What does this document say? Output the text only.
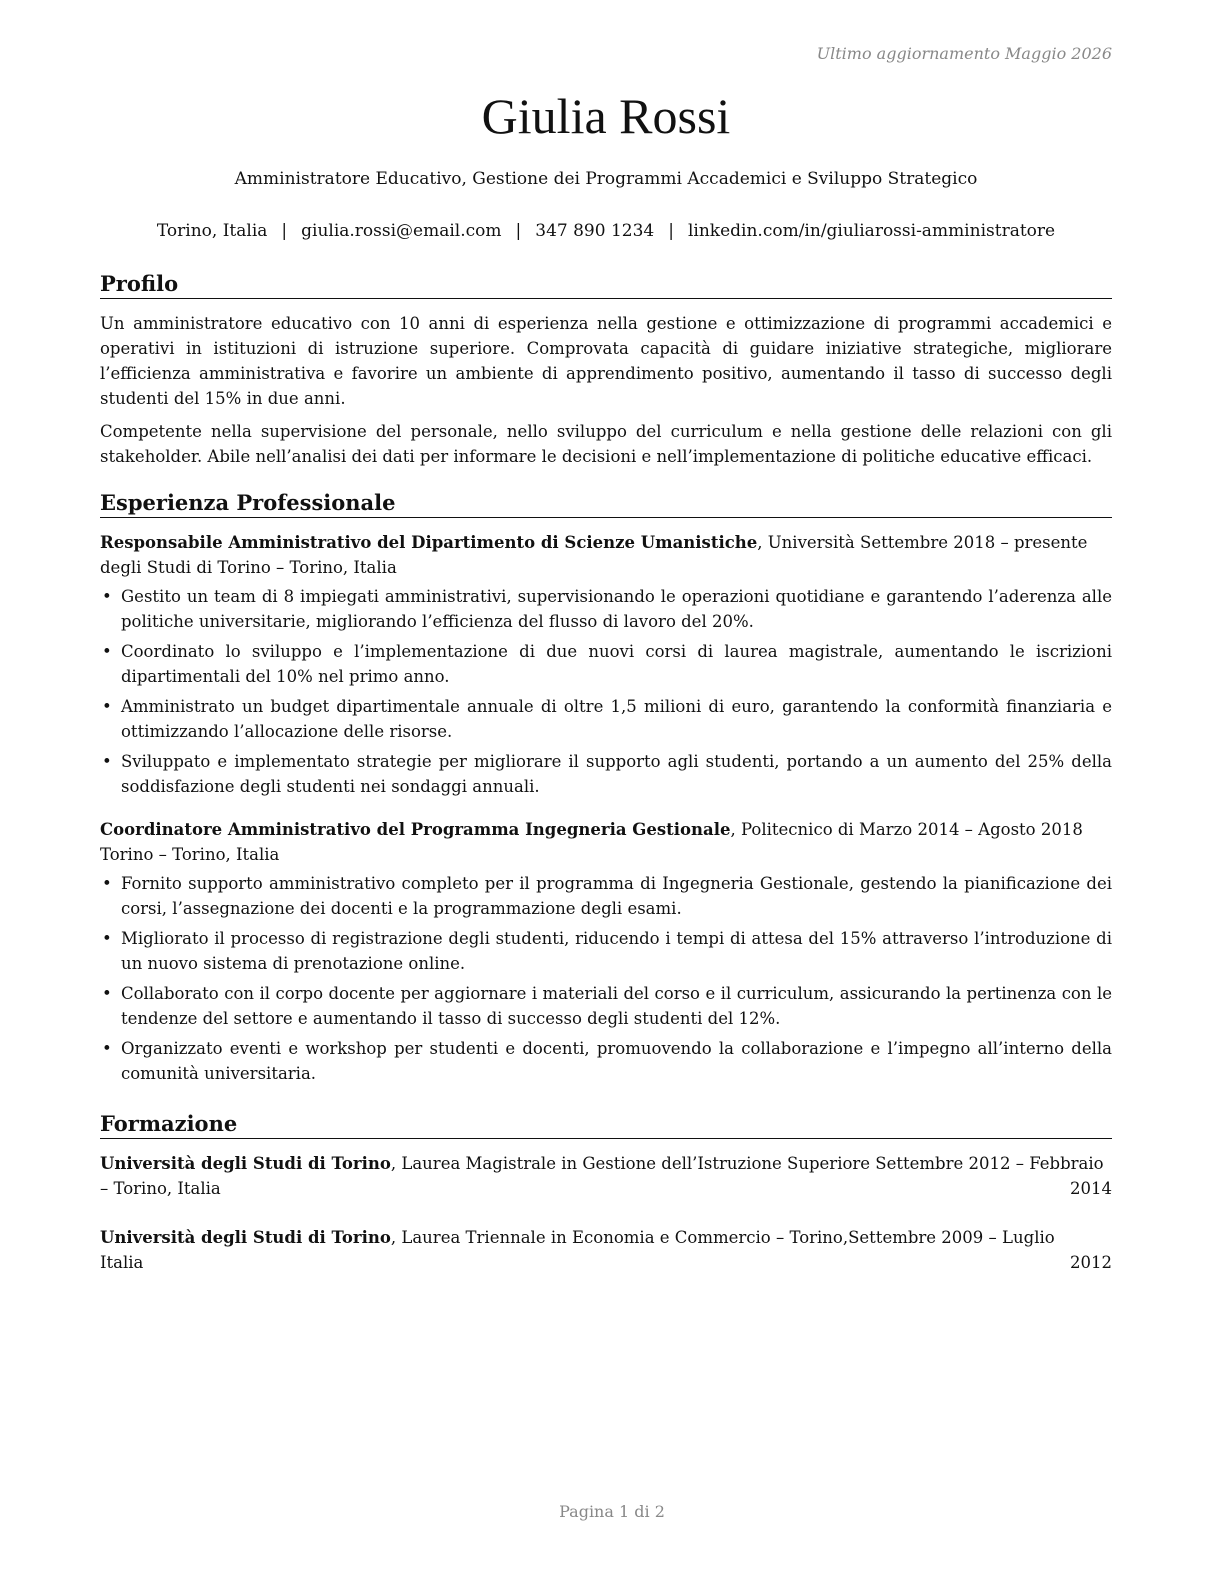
Ultimo aggiornamento Maggio 2026
Giulia Rossi
Amministratore Educativo, Gestione dei Programmi Accademici e Sviluppo Strategico
Torino, Italia | giulia.rossi@email.com | 347 890 1234 | linkedin.com/in/giuliarossi-amministratore
Profilo

Un amministratore educativo con 10 anni di esperienza nella gestione e ottimizzazione di programmi accademici e operativi in istituzioni di istruzione superiore. Comprovata capacità di guidare iniziative strategiche, migliorare l’efficienza amministrativa e favorire un ambiente di apprendimento positivo, aumentando il tasso di successo degli studenti del 15% in due anni.

Competente nella supervisione del personale, nello sviluppo del curriculum e nella gestione delle relazioni con gli stakeholder. Abile nell’analisi dei dati per informare le decisioni e nell’implementazione di politiche educative efficaci.

Esperienza Professionale

Responsabile Amministrativo del Dipartimento di Scienze Umanistiche, Università Settembre 2018 – presente
degli Studi di Torino – Torino, Italia

• Gestito un team di 8 impiegati amministrativi, supervisionando le operazioni quotidiane e garantendo l’aderenza alle politiche universitarie, migliorando l’efficienza del flusso di lavoro del 20%.
• Coordinato lo sviluppo e l’implementazione di due nuovi corsi di laurea magistrale, aumentando le iscrizioni dipartimentali del 10% nel primo anno.
• Amministrato un budget dipartimentale annuale di oltre 1,5 milioni di euro, garantendo la conformità finanziaria e ottimizzando l’allocazione delle risorse.
• Sviluppato e implementato strategie per migliorare il supporto agli studenti, portando a un aumento del 25% della soddisfazione degli studenti nei sondaggi annuali.

Coordinatore Amministrativo del Programma Ingegneria Gestionale, Politecnico di Marzo 2014 – Agosto 2018
Torino – Torino, Italia

• Fornito supporto amministrativo completo per il programma di Ingegneria Gestionale, gestendo la pianificazione dei corsi, l’assegnazione dei docenti e la programmazione degli esami.
• Migliorato il processo di registrazione degli studenti, riducendo i tempi di attesa del 15% attraverso l’introduzione di un nuovo sistema di prenotazione online.
• Collaborato con il corpo docente per aggiornare i materiali del corso e il curriculum, assicurando la pertinenza con le tendenze del settore e aumentando il tasso di successo degli studenti del 12%.
• Organizzato eventi e workshop per studenti e docenti, promuovendo la collaborazione e l’impegno all’interno della comunità universitaria.
Formazione
Università degli Studi di Torino, Laurea Magistrale in Gestione dell’Istruzione Superiore Settembre 2012 – Febbraio
– Torino, Italia	2014
Università degli Studi di Torino, Laurea Triennale in Economia e Commercio – Torino,Settembre 2009 – Luglio
Italia	2012
Pagina 1 di 2
